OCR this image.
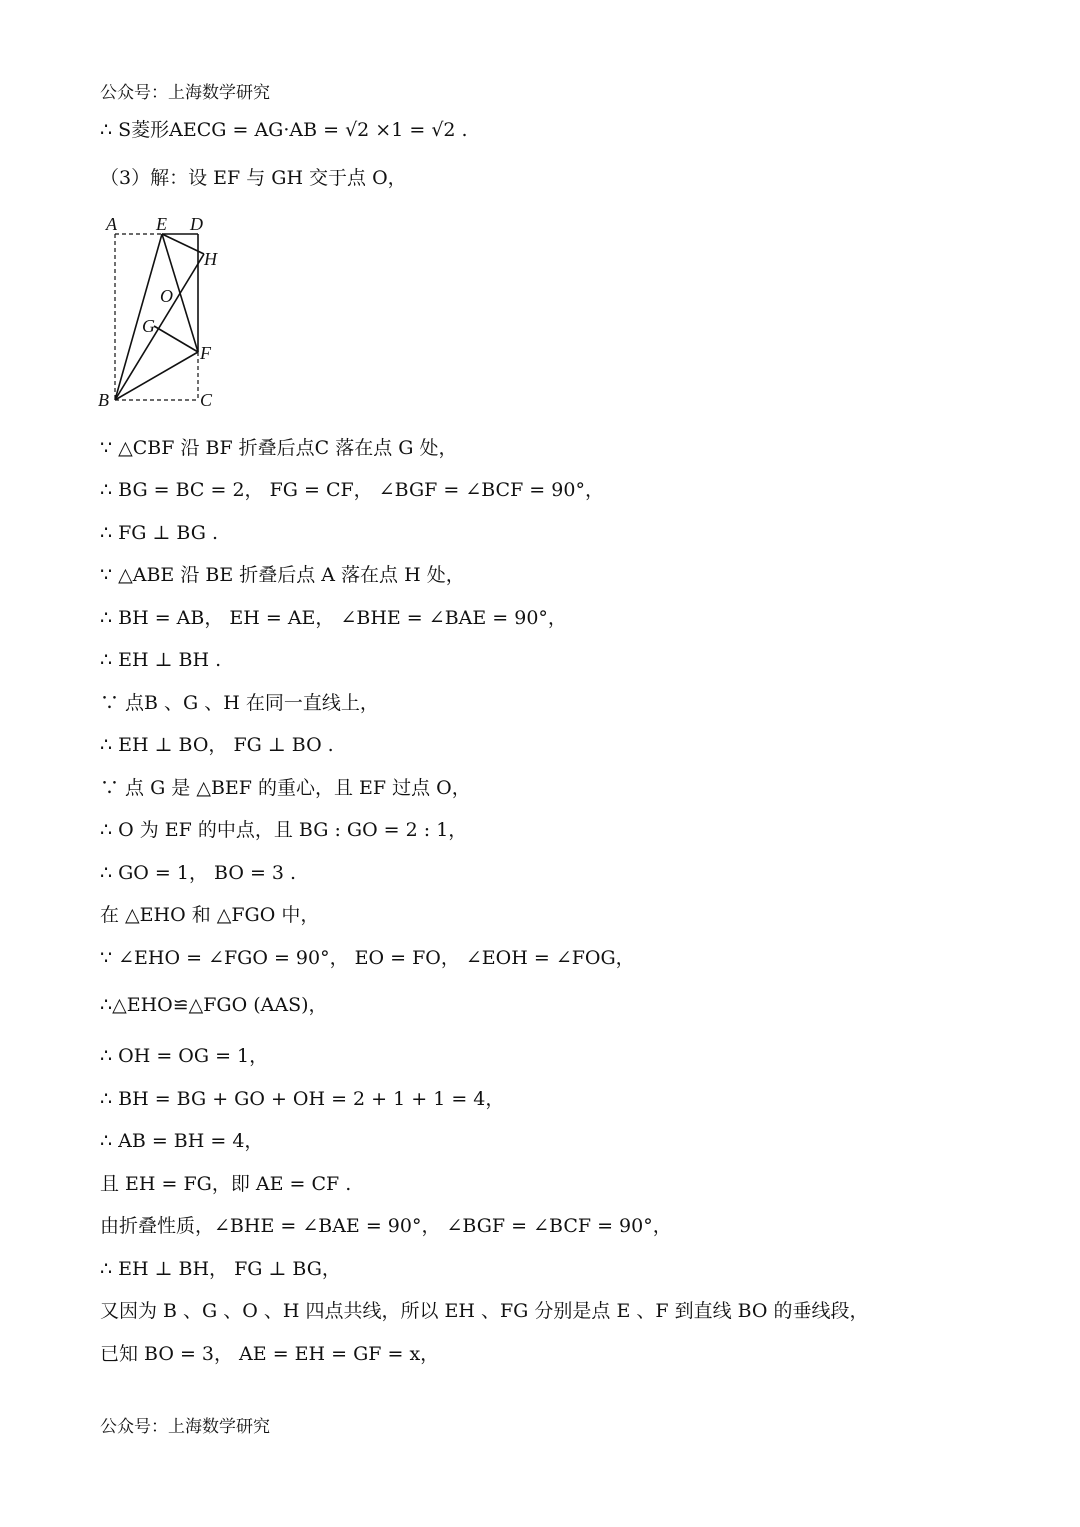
公众号：上海数学研究
∴ S菱形AECG = AG·AB = √2 ×1 = √2 .
（3）解：设 EF 与 GH 交于点 O，
A E D
H
O
G
F
B	C
∵ △CBF 沿 BF 折叠后点C 落在点 G 处，
∴ BG = BC = 2， FG = CF， ∠BGF = ∠BCF = 90°，
∴ FG ⊥ BG .
∵ △ABE 沿 BE 折叠后点 A 落在点 H 处，
∴ BH = AB， EH = AE， ∠BHE = ∠BAE = 90°，
∴ EH ⊥ BH .
∵ 点B 、G 、H 在同一直线上，
∴ EH ⊥ BO， FG ⊥ BO .
∵ 点 G 是 △BEF 的重心，且 EF 过点 O，
∴ O 为 EF 的中点，且 BG : GO = 2 : 1，
∴ GO = 1， BO = 3 .
在 △EHO 和 △FGO 中，
∵ ∠EHO = ∠FGO = 90°， EO = FO， ∠EOH = ∠FOG，
∴△EHO≌△FGO (AAS)，
∴ OH = OG = 1，
∴ BH = BG + GO + OH = 2 + 1 + 1 = 4，
∴ AB = BH = 4，
且 EH = FG，即 AE = CF .
由折叠性质，∠BHE = ∠BAE = 90°， ∠BGF = ∠BCF = 90°，
∴ EH ⊥ BH， FG ⊥ BG，
又因为 B 、G 、O 、H 四点共线，所以 EH 、FG 分别是点 E 、F 到直线 BO 的垂线段，
已知 BO = 3， AE = EH = GF = x，
公众号：上海数学研究
